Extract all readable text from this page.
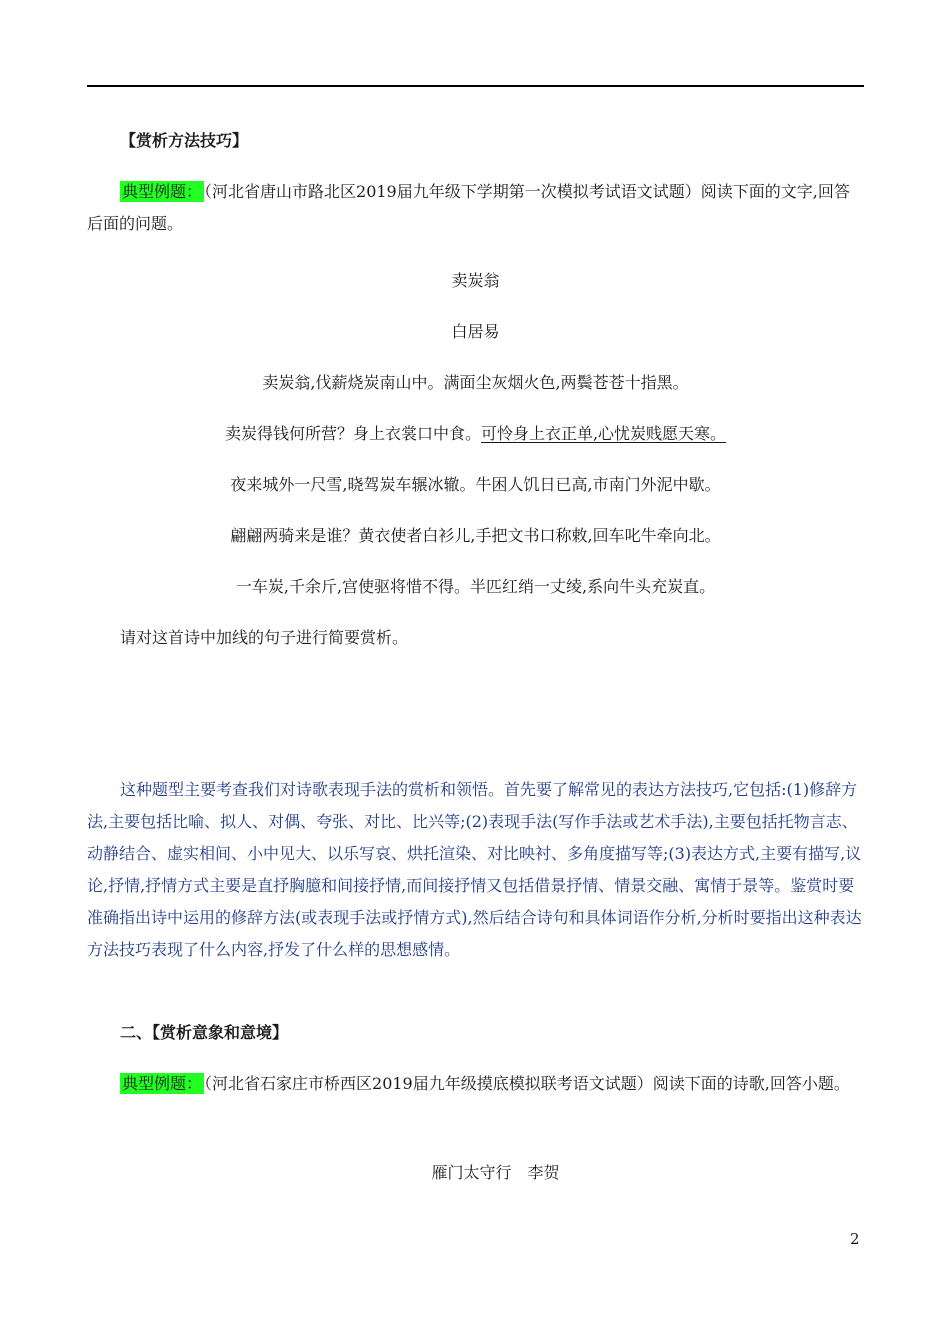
【赏析方法技巧】
典型例题： （河北省唐山市路北区2019届九年级下学期第一次模拟考试语文试题）阅读下面的文字,回答后面的问题。
卖炭翁
白居易
卖炭翁,伐薪烧炭南山中。满面尘灰烟火色,两鬓苍苍十指黑。
卖炭得钱何所营？身上衣裳口中食。可怜身上衣正单,心忧炭贱愿天寒。
夜来城外一尺雪,晓驾炭车辗冰辙。牛困人饥日已高,市南门外泥中歇。
翩翩两骑来是谁？黄衣使者白衫儿,手把文书口称敕,回车叱牛牵向北。
一车炭,千余斤,宫使驱将惜不得。半匹红绡一丈绫,系向牛头充炭直。
请对这首诗中加线的句子进行简要赏析。
这种题型主要考查我们对诗歌表现手法的赏析和领悟。首先要了解常见的表达方法技巧,它包括:(1)修辞方法,主要包括比喻、拟人、对偶、夸张、对比、比兴等;(2)表现手法(写作手法或艺术手法),主要包括托物言志、动静结合、虚实相间、小中见大、以乐写哀、烘托渲染、对比映衬、多角度描写等;(3)表达方式,主要有描写,议论,抒情,抒情方式主要是直抒胸臆和间接抒情,而间接抒情又包括借景抒情、情景交融、寓情于景等。鉴赏时要准确指出诗中运用的修辞方法(或表现手法或抒情方式),然后结合诗句和具体词语作分析,分析时要指出这种表达方法技巧表现了什么内容,抒发了什么样的思想感情。
二、【赏析意象和意境】
典型例题： （河北省石家庄市桥西区2019届九年级摸底模拟联考语文试题）阅读下面的诗歌,回答小题。
雁门太守行　李贺
2
